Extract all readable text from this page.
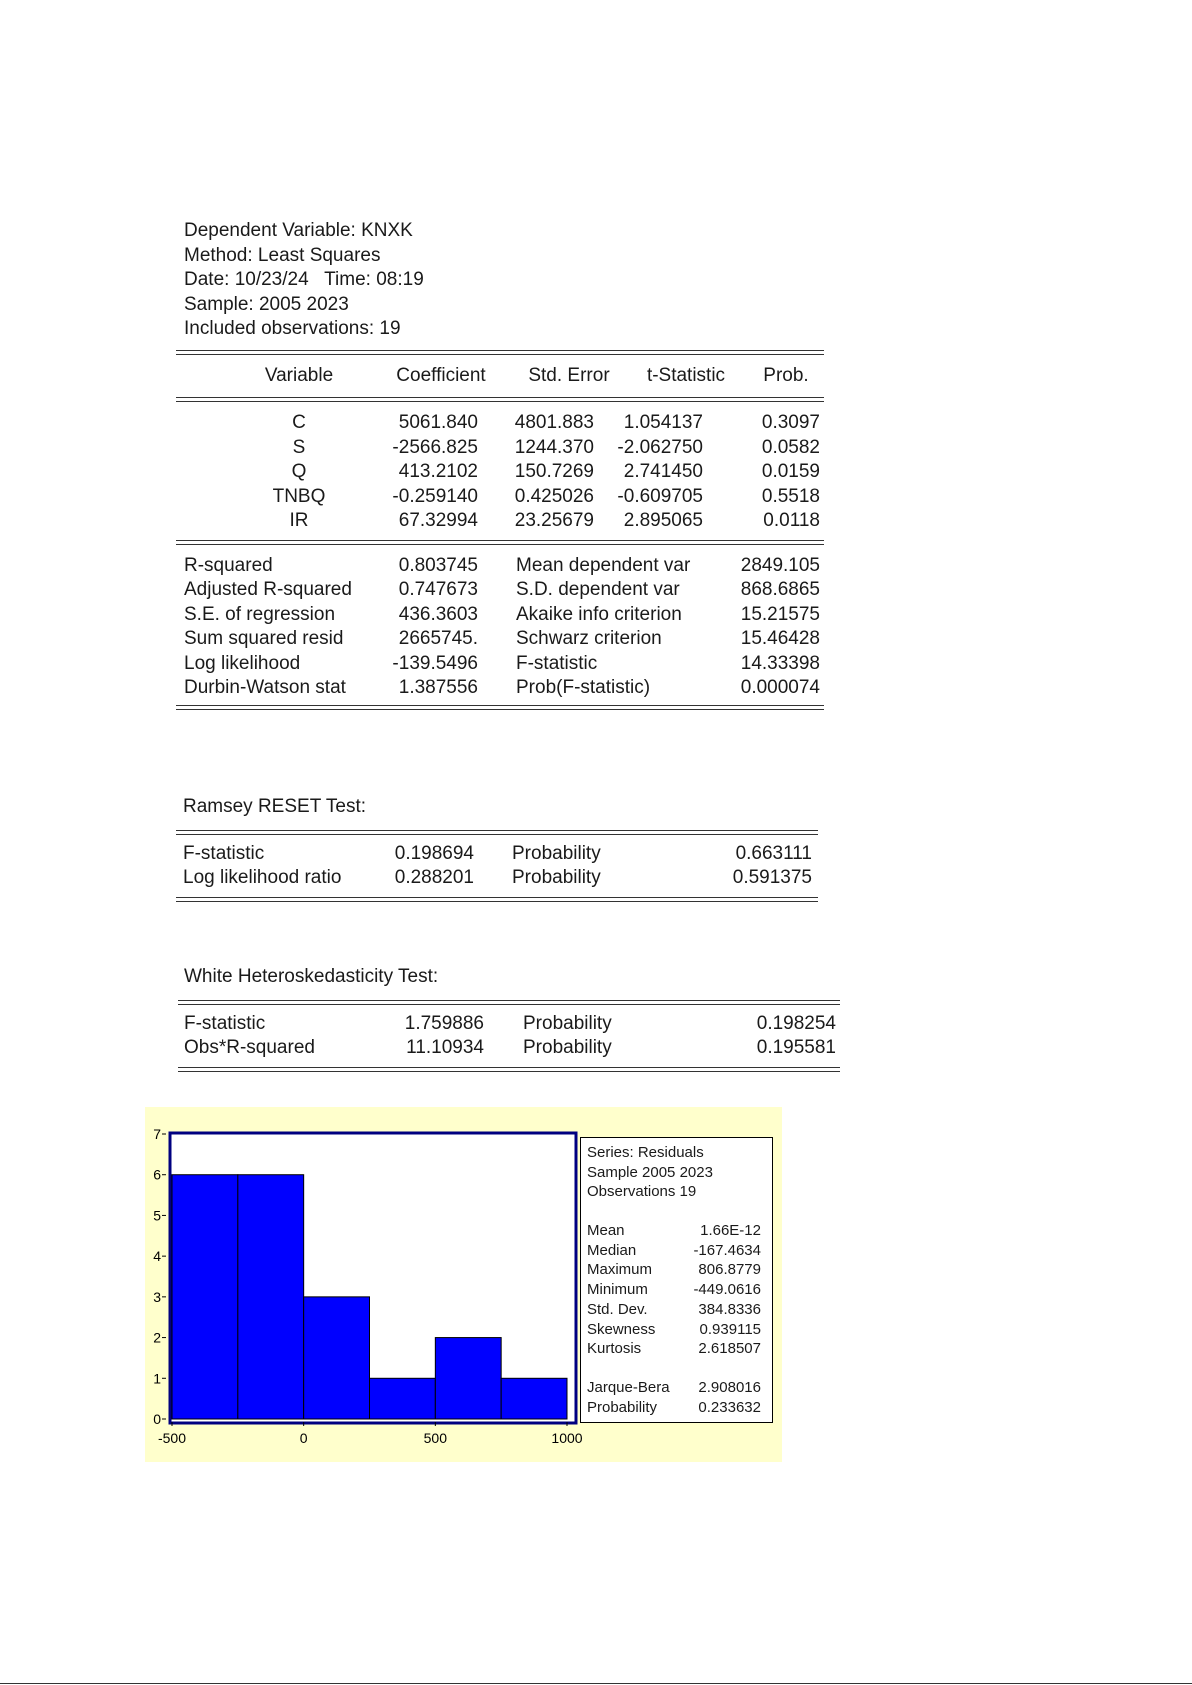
Dependent Variable: KNXK
Method: Least Squares
Date: 10/23/24   Time: 08:19
Sample: 2005 2023
Included observations: 19
Variable	Coefficient	Std. Error	t-Statistic	Prob.
C	5061.840	4801.883	1.054137	0.3097
S	-2566.825	1244.370	-2.062750	0.0582
Q	413.2102	150.7269	2.741450	0.0159
TNBQ	-0.259140	0.425026	-0.609705	0.5518
IR	67.32994	23.25679	2.895065	0.0118
R-squared	0.803745 Mean dependent var	2849.105
Adjusted R-squared	0.747673 S.D. dependent var	868.6865
S.E. of regression	436.3603 Akaike info criterion	15.21575
Sum squared resid	2665745. Schwarz criterion	15.46428
Log likelihood	-139.5496 F-statistic	14.33398
Durbin-Watson stat	1.387556 Prob(F-statistic)	0.000074
Ramsey RESET Test:
F-statistic	0.198694 Probability	0.663111
Log likelihood ratio	0.288201 Probability	0.591375
White Heteroskedasticity Test:
F-statistic	1.759886 Probability	0.198254
Obs*R-squared	11.10934 Probability	0.195581
0
1
2
3
4
5
6
7
-500	0	500	1000
Series: Residuals
Sample 2005 2023
Observations 19
Mean	1.66E-12
Median	-167.4634
Maximum	806.8779
Minimum	-449.0616
Std. Dev.	384.8336
Skewness	0.939115
Kurtosis	2.618507
Jarque-Bera	2.908016
Probability	0.233632
